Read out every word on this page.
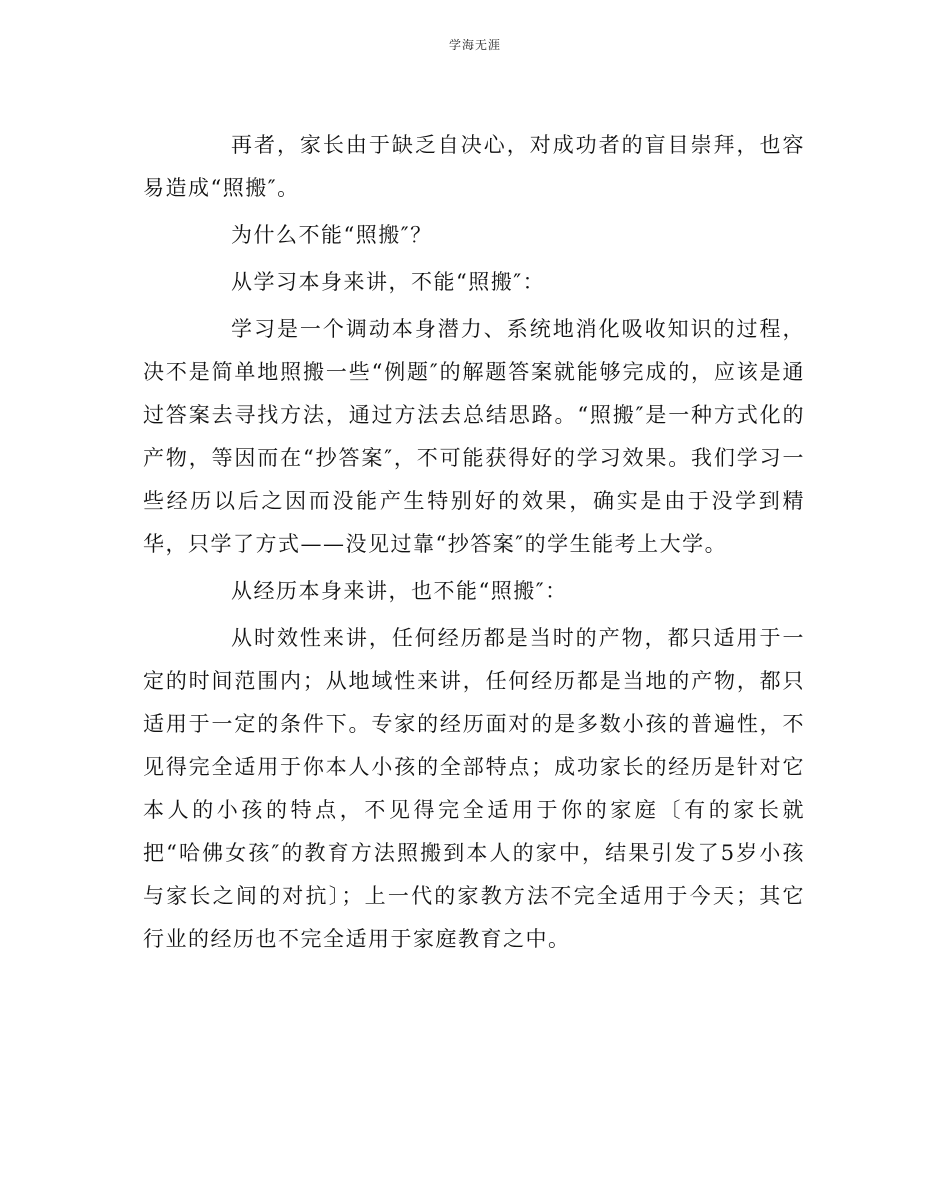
学海无涯

再者，家长由于缺乏自决心，对成功者的盲目崇拜，也容易造成“照搬″。

为什么不能“照搬″？

从学习本身来讲，不能“照搬″：

学习是一个调动本身潜力、系统地消化吸收知识的过程，决不是简单地照搬一些“例题″的解题答案就能够完成的，应该是通过答案去寻找方法，通过方法去总结思路。“照搬″是一种方式化的产物，等因而在“抄答案″，不可能获得好的学习效果。我们学习一些经历以后之因而没能产生特别好的效果，确实是由于没学到精华，只学了方式——没见过靠“抄答案″的学生能考上大学。

从经历本身来讲，也不能“照搬″：

从时效性来讲，任何经历都是当时的产物，都只适用于一定的时间范围内；从地域性来讲，任何经历都是当地的产物，都只适用于一定的条件下。专家的经历面对的是多数小孩的普遍性，不见得完全适用于你本人小孩的全部特点；成功家长的经历是针对它本人的小孩的特点，不见得完全适用于你的家庭〔有的家长就把“哈佛女孩″的教育方法照搬到本人的家中，结果引发了5岁小孩与家长之间的对抗〕；上一代的家教方法不完全适用于今天；其它行业的经历也不完全适用于家庭教育之中。
